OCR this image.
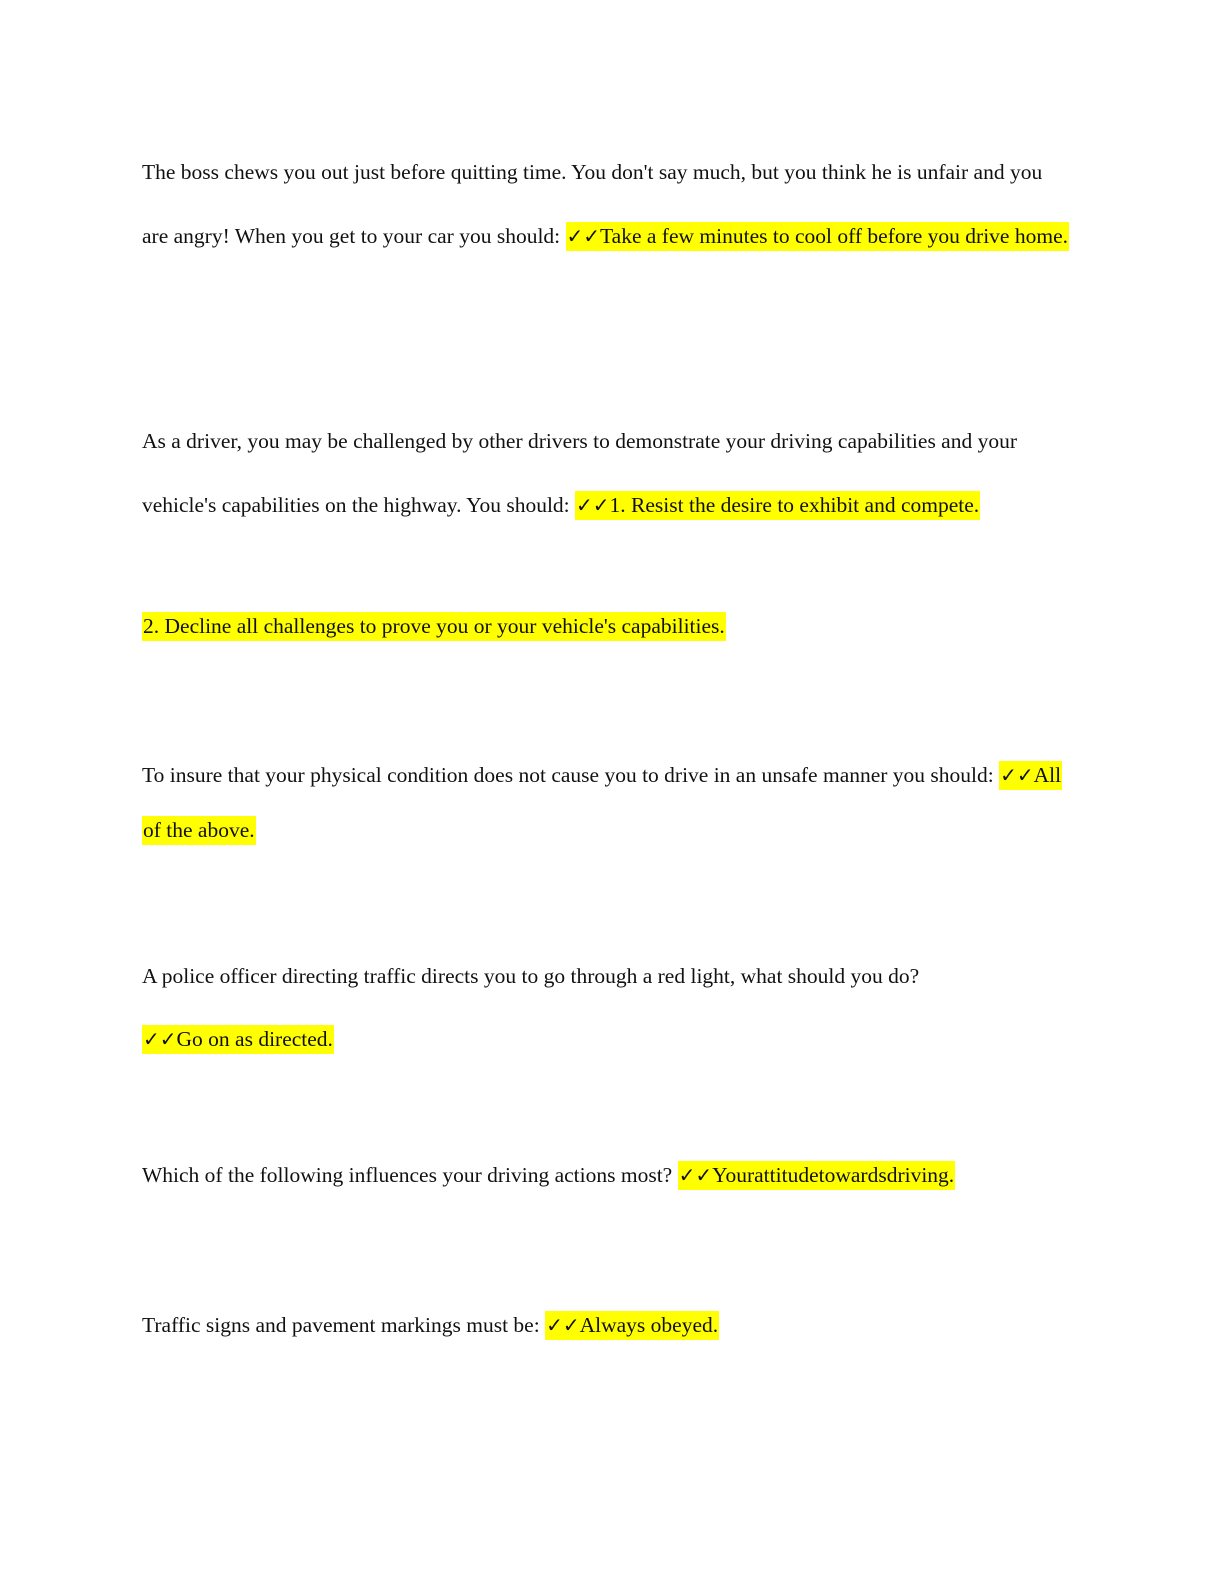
The boss chews you out just before quitting time. You don't say much, but you think he is unfair and you are angry! When you get to your car you should: ✓✓Take a few minutes to cool off before you drive home.

As a driver, you may be challenged by other drivers to demonstrate your driving capabilities and your vehicle's capabilities on the highway. You should: ✓✓1. Resist the desire to exhibit and compete.

2. Decline all challenges to prove you or your vehicle's capabilities.

To insure that your physical condition does not cause you to drive in an unsafe manner you should: ✓✓All of the above.

A police officer directing traffic directs you to go through a red light, what should you do?
✓✓Go on as directed.

Which of the following influences your driving actions most? ✓✓Yourattitudetowardsdriving.

Traffic signs and pavement markings must be: ✓✓Always obeyed.
